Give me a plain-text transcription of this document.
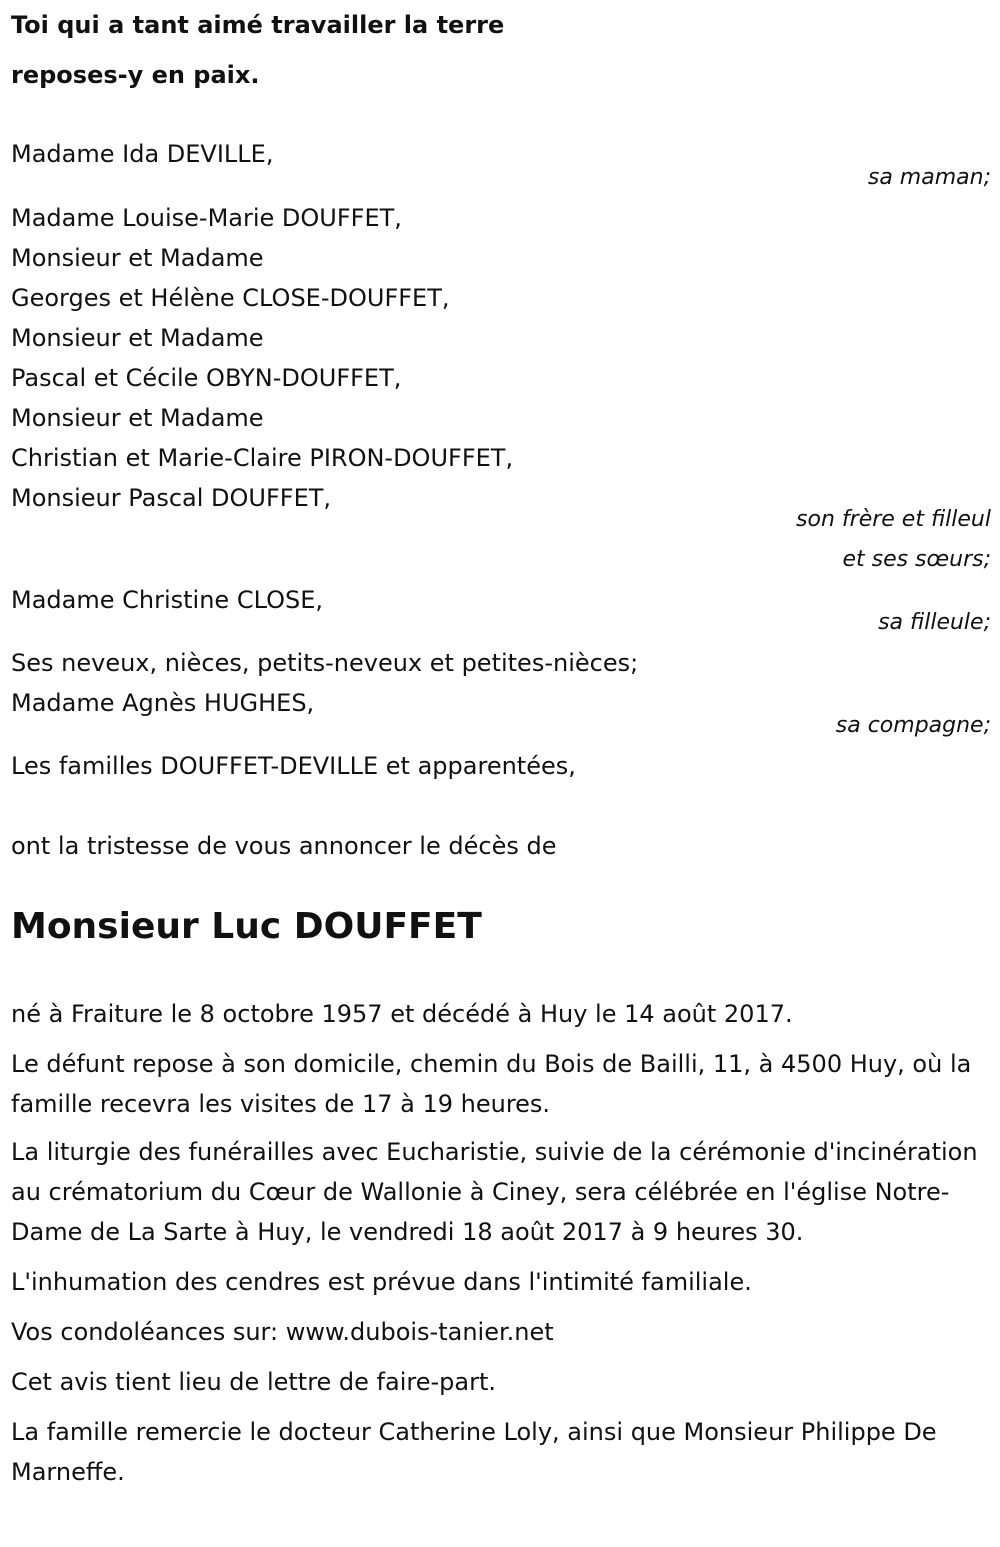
Toi qui a tant aimé travailler la terre
reposes-y en paix.
Madame Ida DEVILLE,
sa maman;
Madame Louise-Marie DOUFFET,
Monsieur et Madame
Georges et Hélène CLOSE-DOUFFET,
Monsieur et Madame
Pascal et Cécile OBYN-DOUFFET,
Monsieur et Madame
Christian et Marie-Claire PIRON-DOUFFET,
Monsieur Pascal DOUFFET,
son frère et filleul
et ses sœurs;
Madame Christine CLOSE,
sa filleule;
Ses neveux, nièces, petits-neveux et petites-nièces;
Madame Agnès HUGHES,
sa compagne;
Les familles DOUFFET-DEVILLE et apparentées,
ont la tristesse de vous annoncer le décès de
Monsieur Luc DOUFFET

né à Fraiture le 8 octobre 1957 et décédé à Huy le 14 août 2017.

Le défunt repose à son domicile, chemin du Bois de Bailli, 11, à 4500 Huy, où la famille recevra les visites de 17 à 19 heures.

La liturgie des funérailles avec Eucharistie, suivie de la cérémonie d'incinération au crématorium du Cœur de Wallonie à Ciney, sera célébrée en l'église Notre-Dame de La Sarte à Huy, le vendredi 18 août 2017 à 9 heures 30.

L'inhumation des cendres est prévue dans l'intimité familiale.

Vos condoléances sur: www.dubois-tanier.net

Cet avis tient lieu de lettre de faire-part.

La famille remercie le docteur Catherine Loly, ainsi que Monsieur Philippe De Marneffe.
